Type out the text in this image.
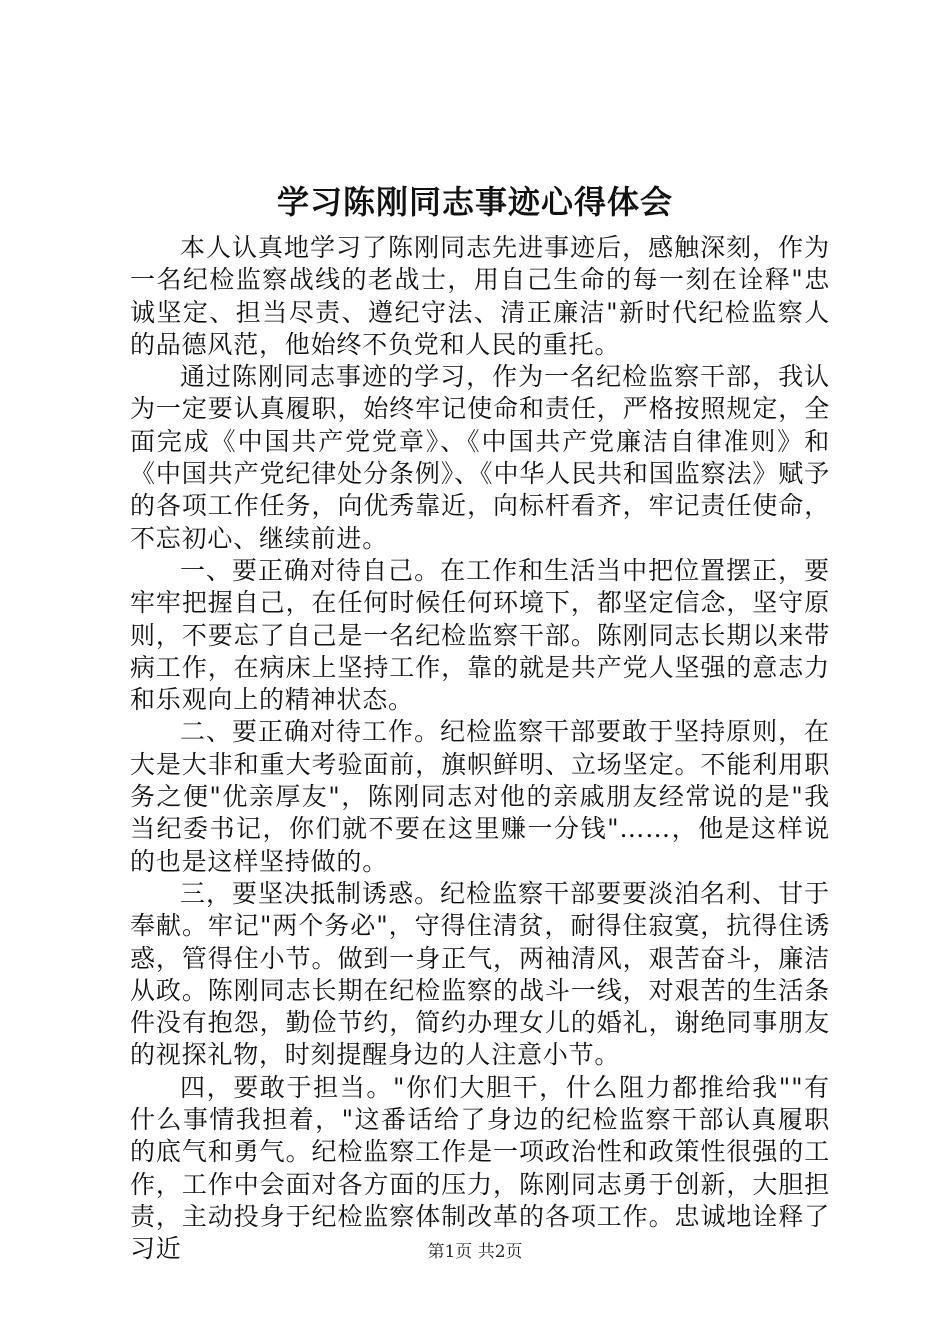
学习陈刚同志事迹心得体会

本人认真地学习了陈刚同志先进事迹后，感触深刻，作为一名纪检监察战线的老战士，用自己生命的每一刻在诠释"忠诚坚定、担当尽责、遵纪守法、清正廉洁"新时代纪检监察人的品德风范，他始终不负党和人民的重托。

通过陈刚同志事迹的学习，作为一名纪检监察干部，我认为一定要认真履职，始终牢记使命和责任，严格按照规定，全面完成《中国共产党党章》、《中国共产党廉洁自律准则》和《中国共产党纪律处分条例》、《中华人民共和国监察法》赋予的各项工作任务，向优秀靠近，向标杆看齐，牢记责任使命，不忘初心、继续前进。

一、要正确对待自己。在工作和生活当中把位置摆正，要牢牢把握自己，在任何时候任何环境下，都坚定信念，坚守原则，不要忘了自己是一名纪检监察干部。陈刚同志长期以来带病工作，在病床上坚持工作，靠的就是共产党人坚强的意志力和乐观向上的精神状态。

二、要正确对待工作。纪检监察干部要敢于坚持原则，在大是大非和重大考验面前，旗帜鲜明、立场坚定。不能利用职务之便"优亲厚友"，陈刚同志对他的亲戚朋友经常说的是"我当纪委书记，你们就不要在这里赚一分钱"……，他是这样说的也是这样坚持做的。

三，要坚决抵制诱惑。纪检监察干部要要淡泊名利、甘于奉献。牢记"两个务必"，守得住清贫，耐得住寂寞，抗得住诱惑，管得住小节。做到一身正气，两袖清风，艰苦奋斗，廉洁从政。陈刚同志长期在纪检监察的战斗一线，对艰苦的生活条件没有抱怨，勤俭节约，简约办理女儿的婚礼，谢绝同事朋友的视探礼物，时刻提醒身边的人注意小节。

四，要敢于担当。"你们大胆干，什么阻力都推给我""有什么事情我担着，"这番话给了身边的纪检监察干部认真履职的底气和勇气。纪检监察工作是一项政治性和政策性很强的工作，工作中会面对各方面的压力，陈刚同志勇于创新，大胆担责，主动投身于纪检监察体制改革的各项工作。忠诚地诠释了习近	第1页 共2页
